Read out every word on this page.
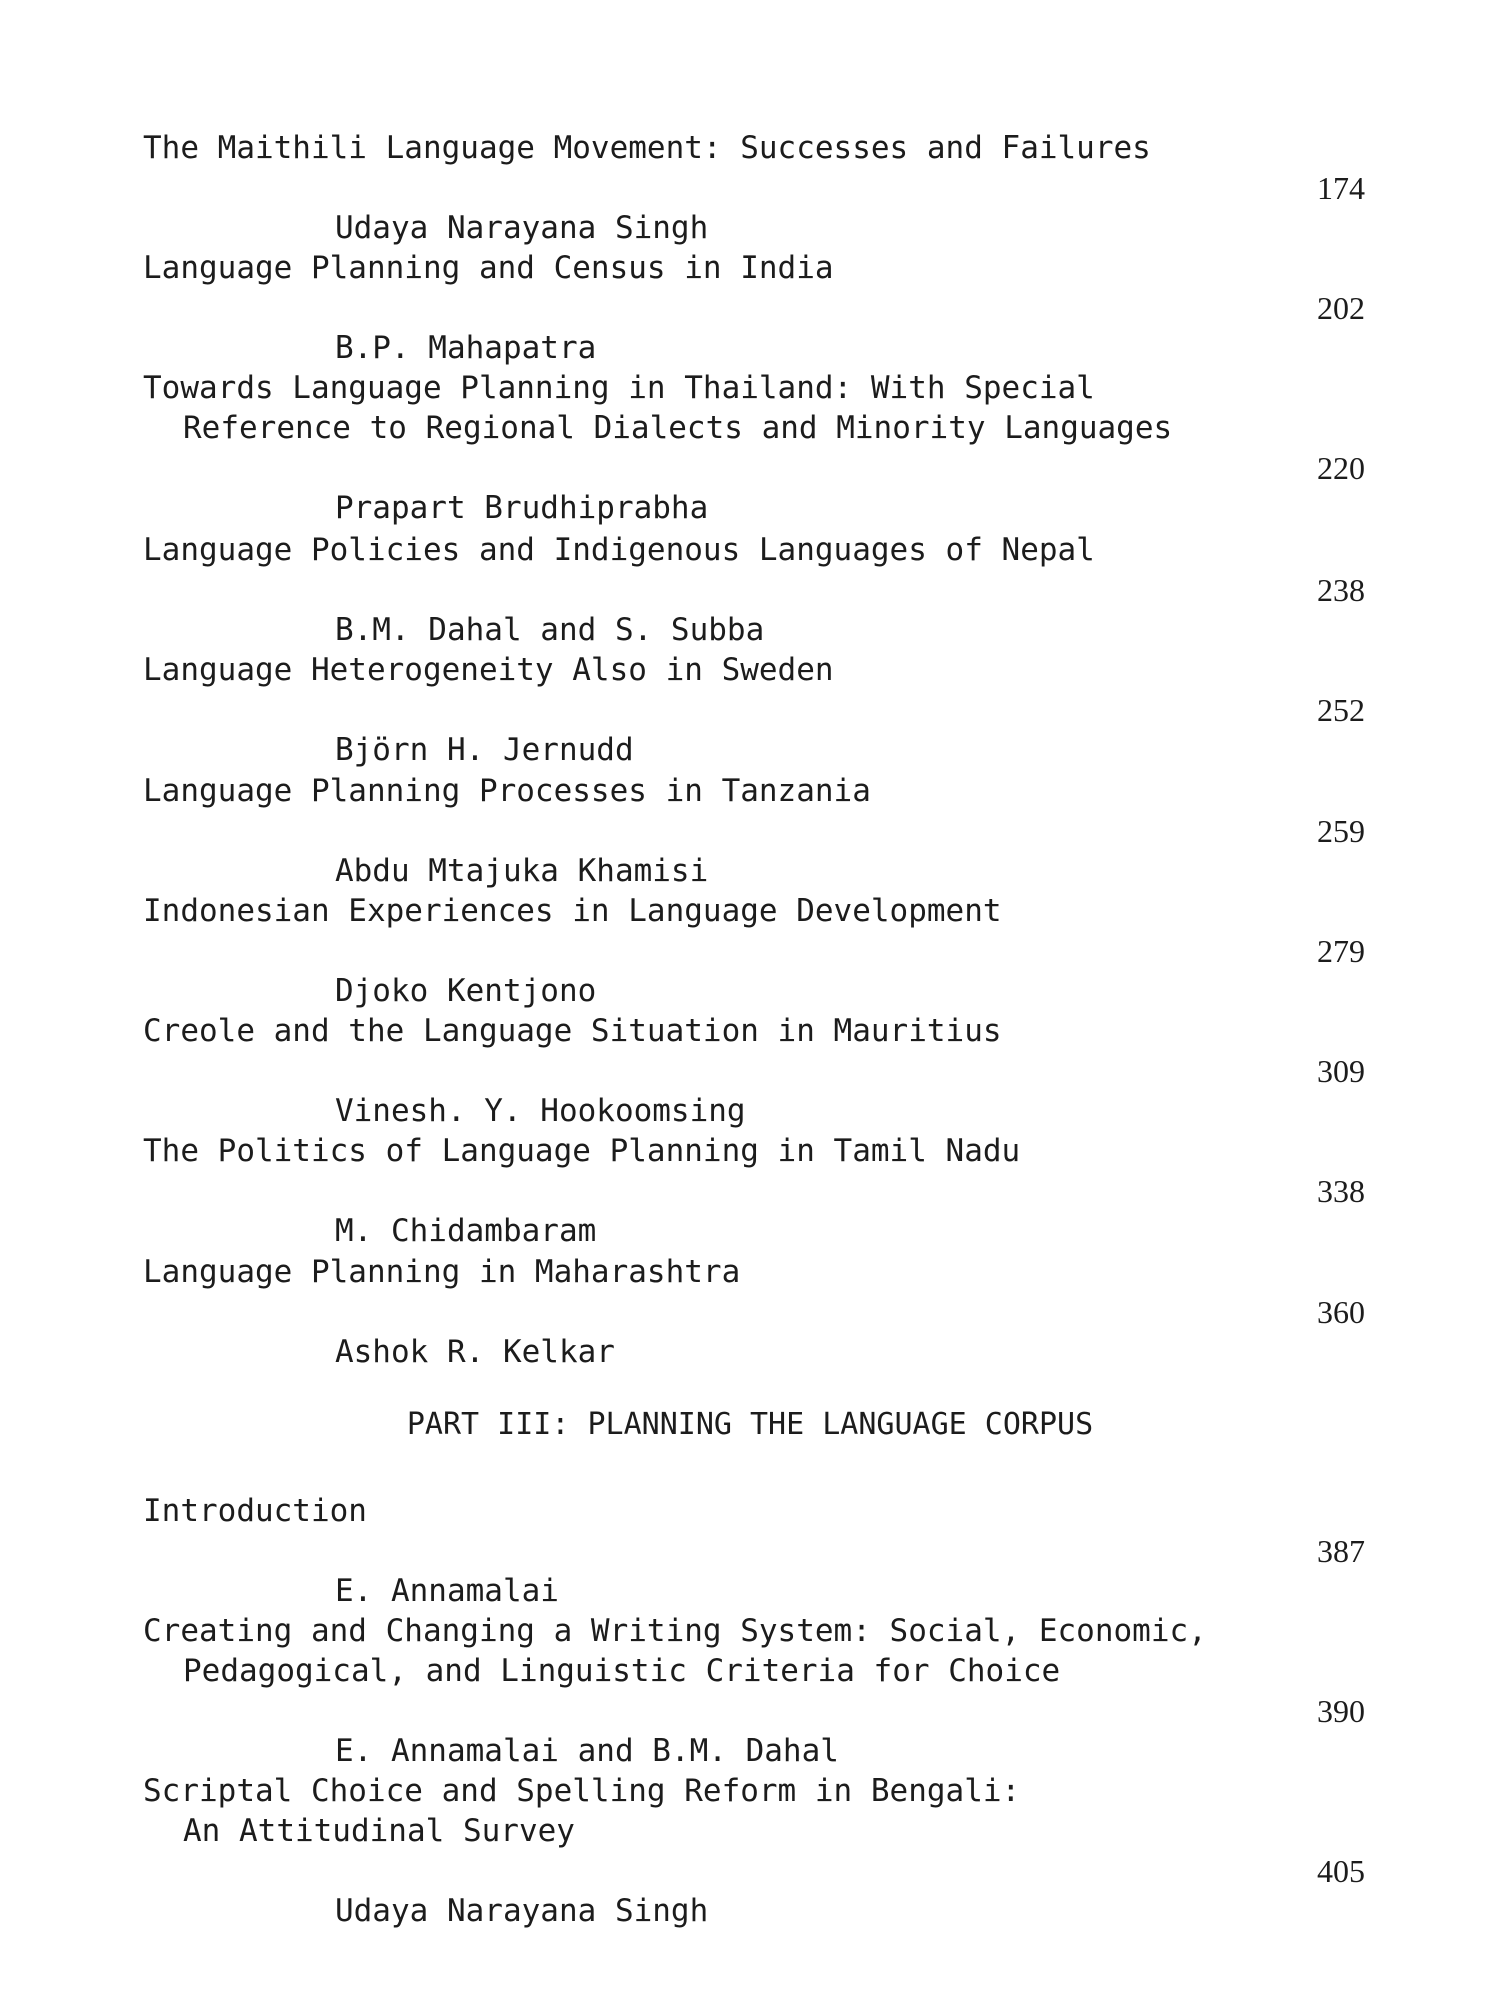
The Maithili Language Movement: Successes and Failures

Udaya Narayana Singh

174

Language Planning and Census in India

B.P. Mahapatra

202

Towards Language Planning in Thailand: With Special
Reference to Regional Dialects and Minority Languages

Prapart Brudhiprabha

220

Language Policies and Indigenous Languages of Nepal

B.M. Dahal and S. Subba

238

Language Heterogeneity Also in Sweden

Björn H. Jernudd

252

Language Planning Processes in Tanzania

Abdu Mtajuka Khamisi

259

Indonesian Experiences in Language Development

Djoko Kentjono

279

Creole and the Language Situation in Mauritius

Vinesh. Y. Hookoomsing

309

The Politics of Language Planning in Tamil Nadu

M. Chidambaram

338

Language Planning in Maharashtra

Ashok R. Kelkar

360

PART III: PLANNING THE LANGUAGE CORPUS
Introduction

E. Annamalai

387

Creating and Changing a Writing System: Social, Economic,
Pedagogical, and Linguistic Criteria for Choice

E. Annamalai and B.M. Dahal

390

Scriptal Choice and Spelling Reform in Bengali:
An Attitudinal Survey

Udaya Narayana Singh

405
